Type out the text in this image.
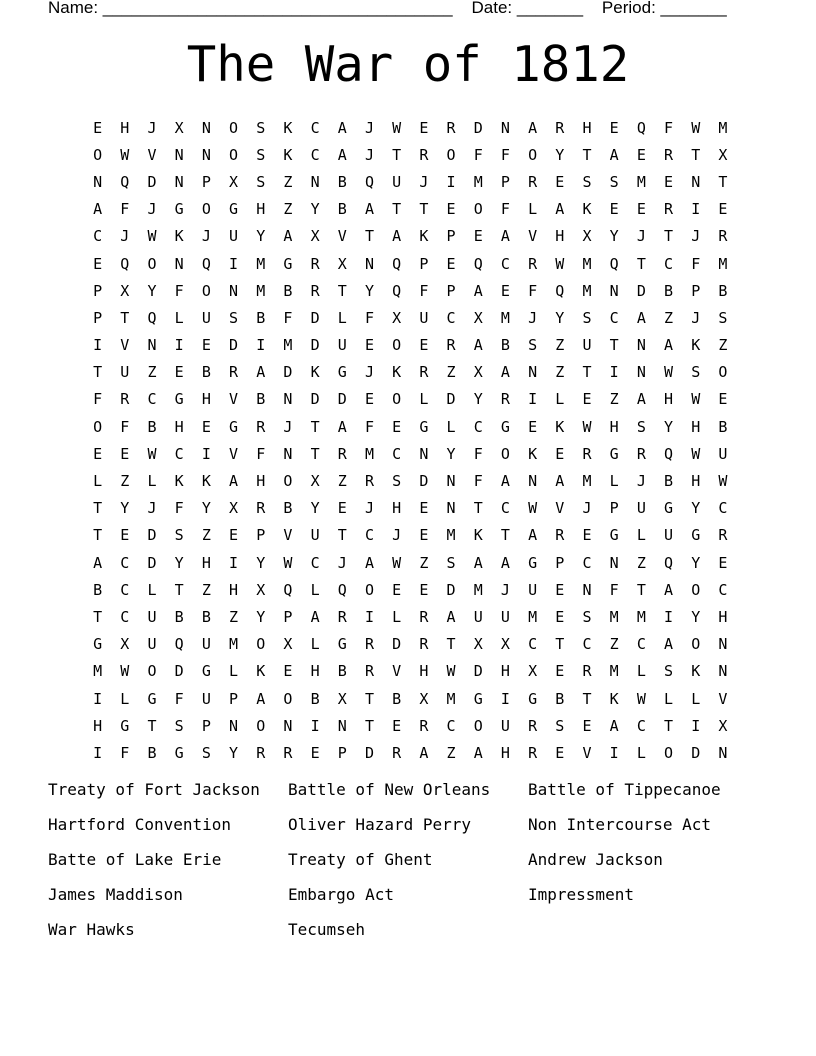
Name: _____________________________________    Date: _______    Period: _______
The War of 1812
E	H	J	X	N	O	S	K	C	A	J	W	E	R	D	N	A	R	H	E	Q	F	W	M
O	W	V	N	N	O	S	K	C	A	J	T	R	O	F	F	O	Y	T	A	E	R	T	X
N	Q	D	N	P	X	S	Z	N	B	Q	U	J	I	M	P	R	E	S	S	M	E	N	T
A	F	J	G	O	G	H	Z	Y	B	A	T	T	E	O	F	L	A	K	E	E	R	I	E
C	J	W	K	J	U	Y	A	X	V	T	A	K	P	E	A	V	H	X	Y	J	T	J	R
E	Q	O	N	Q	I	M	G	R	X	N	Q	P	E	Q	C	R	W	M	Q	T	C	F	M
P	X	Y	F	O	N	M	B	R	T	Y	Q	F	P	A	E	F	Q	M	N	D	B	P	B
P	T	Q	L	U	S	B	F	D	L	F	X	U	C	X	M	J	Y	S	C	A	Z	J	S
I	V	N	I	E	D	I	M	D	U	E	O	E	R	A	B	S	Z	U	T	N	A	K	Z
T	U	Z	E	B	R	A	D	K	G	J	K	R	Z	X	A	N	Z	T	I	N	W	S	O
F	R	C	G	H	V	B	N	D	D	E	O	L	D	Y	R	I	L	E	Z	A	H	W	E
O	F	B	H	E	G	R	J	T	A	F	E	G	L	C	G	E	K	W	H	S	Y	H	B
E	E	W	C	I	V	F	N	T	R	M	C	N	Y	F	O	K	E	R	G	R	Q	W	U
L	Z	L	K	K	A	H	O	X	Z	R	S	D	N	F	A	N	A	M	L	J	B	H	W
T	Y	J	F	Y	X	R	B	Y	E	J	H	E	N	T	C	W	V	J	P	U	G	Y	C
T	E	D	S	Z	E	P	V	U	T	C	J	E	M	K	T	A	R	E	G	L	U	G	R
A	C	D	Y	H	I	Y	W	C	J	A	W	Z	S	A	A	G	P	C	N	Z	Q	Y	E
B	C	L	T	Z	H	X	Q	L	Q	O	E	E	D	M	J	U	E	N	F	T	A	O	C
T	C	U	B	B	Z	Y	P	A	R	I	L	R	A	U	U	M	E	S	M	M	I	Y	H
G	X	U	Q	U	M	O	X	L	G	R	D	R	T	X	X	C	T	C	Z	C	A	O	N
M	W	O	D	G	L	K	E	H	B	R	V	H	W	D	H	X	E	R	M	L	S	K	N
I	L	G	F	U	P	A	O	B	X	T	B	X	M	G	I	G	B	T	K	W	L	L	V
H	G	T	S	P	N	O	N	I	N	T	E	R	C	O	U	R	S	E	A	C	T	I	X
I	F	B	G	S	Y	R	R	E	P	D	R	A	Z	A	H	R	E	V	I	L	O	D	N
Treaty of Fort Jackson	Battle of New Orleans	Battle of Tippecanoe
Hartford Convention	Oliver Hazard Perry	Non Intercourse Act
Batte of Lake Erie	Treaty of Ghent	Andrew Jackson
James Maddison	Embargo Act	Impressment
War Hawks	Tecumseh
